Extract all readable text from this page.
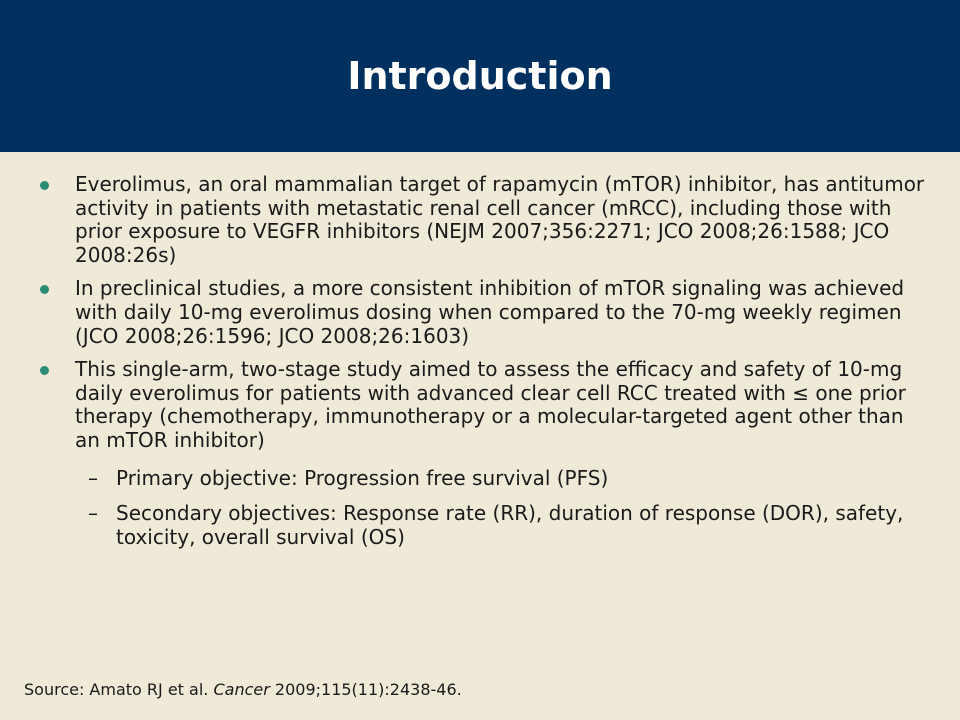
Introduction
Everolimus, an oral mammalian target of rapamycin (mTOR) inhibitor, has antitumor activity in patients with metastatic renal cell cancer (mRCC), including those with prior exposure to VEGFR inhibitors (NEJM 2007;356:2271; JCO 2008;26:1588; JCO 2008:26s)
In preclinical studies, a more consistent inhibition of mTOR signaling was achieved with daily 10-mg everolimus dosing when compared to the 70-mg weekly regimen (JCO 2008;26:1596; JCO 2008;26:1603)
This single-arm, two-stage study aimed to assess the efficacy and safety of 10-mg daily everolimus for patients with advanced clear cell RCC treated with ≤ one prior therapy (chemotherapy, immunotherapy or a molecular-targeted agent other than an mTOR inhibitor)
– Primary objective: Progression free survival (PFS)
– Secondary objectives: Response rate (RR), duration of response (DOR), safety, toxicity, overall survival (OS)
Source: Amato RJ et al. Cancer 2009;115(11):2438-46.
